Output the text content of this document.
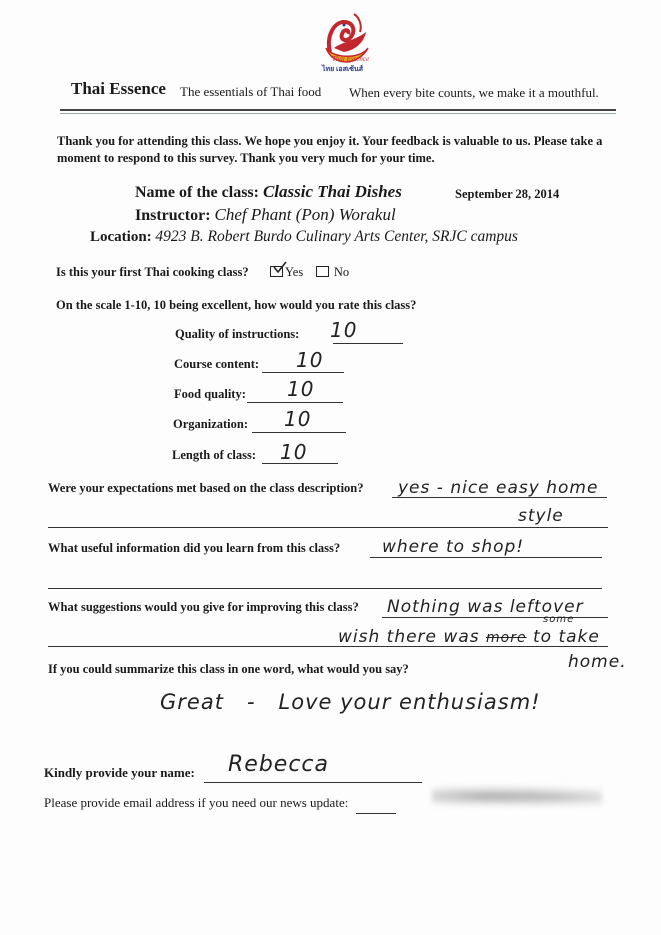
Thai Essence
ไทย เอสเซ้นส์
Thai Essence The essentials of Thai food When every bite counts, we make it a mouthful.
Thank you for attending this class. We hope you enjoy it. Your feedback is valuable to us. Please take a moment to respond to this survey. Thank you very much for your time.
Name of the class: Classic Thai Dishes	September 28, 2014
Instructor: Chef Phant (Pon) Worakul
Location: 4923 B. Robert Burdo Culinary Arts Center, SRJC campus
Is this your first Thai cooking class?	Yes No
On the scale 1-10, 10 being excellent, how would you rate this class?
Quality of instructions: 10
Course content: 10
Food quality: 10
Organization: 10
Length of class: 10
Were your expectations met based on the class description? yes - nice easy home
style
What useful information did you learn from this class? where to shop!
What suggestions would you give for improving this class? Nothing was leftover
wish there was more to take
some
home.
If you could summarize this class in one word, what would you say?
Great   -   Love your enthusiasm!
Kindly provide your name: Rebecca
Please provide email address if you need our news update:
